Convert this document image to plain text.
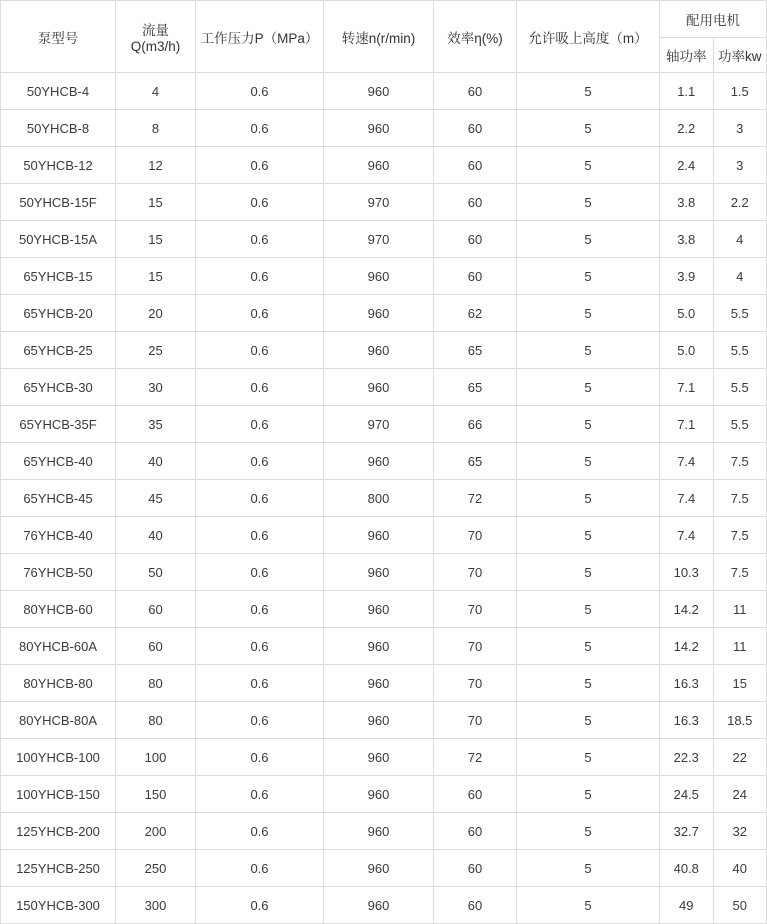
泵型号	流量Q(m3/h)	工作压力P（MPa）	转速n(r/min)	效率η(%)	允许吸上高度（m）	配用电机	
						轴功率	功率kw
50YHCB-4	4	0.6	960	60	5	1.1	1.5
50YHCB-8	8	0.6	960	60	5	2.2	3
50YHCB-12	12	0.6	960	60	5	2.4	3
50YHCB-15F	15	0.6	970	60	5	3.8	2.2
50YHCB-15A	15	0.6	970	60	5	3.8	4
65YHCB-15	15	0.6	960	60	5	3.9	4
65YHCB-20	20	0.6	960	62	5	5.0	5.5
65YHCB-25	25	0.6	960	65	5	5.0	5.5
65YHCB-30	30	0.6	960	65	5	7.1	5.5
65YHCB-35F	35	0.6	970	66	5	7.1	5.5
65YHCB-40	40	0.6	960	65	5	7.4	7.5
65YHCB-45	45	0.6	800	72	5	7.4	7.5
76YHCB-40	40	0.6	960	70	5	7.4	7.5
76YHCB-50	50	0.6	960	70	5	10.3	7.5
80YHCB-60	60	0.6	960	70	5	14.2	11
80YHCB-60A	60	0.6	960	70	5	14.2	11
80YHCB-80	80	0.6	960	70	5	16.3	15
80YHCB-80A	80	0.6	960	70	5	16.3	18.5
100YHCB-100	100	0.6	960	72	5	22.3	22
100YHCB-150	150	0.6	960	60	5	24.5	24
125YHCB-200	200	0.6	960	60	5	32.7	32
125YHCB-250	250	0.6	960	60	5	40.8	40
150YHCB-300	300	0.6	960	60	5	49	50
